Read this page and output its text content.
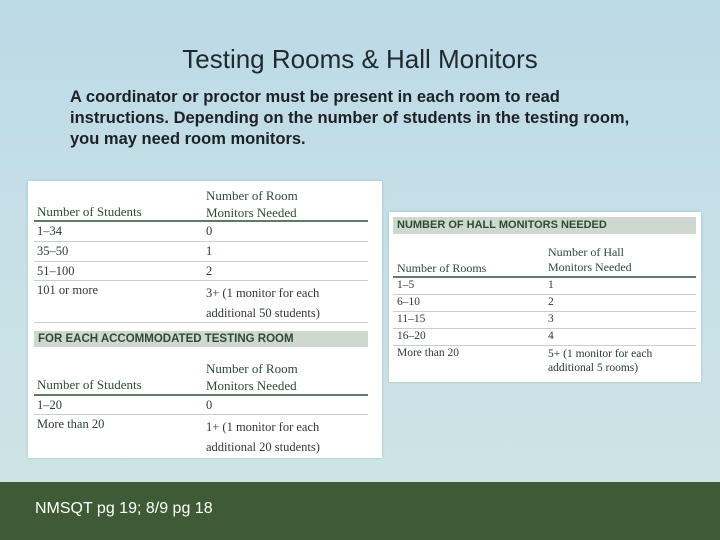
Testing Rooms & Hall Monitors
A coordinator or proctor must be present in each room to read instructions. Depending on the number of students in the testing room, you may need room monitors.
Number of Students
Number of Room Monitors Needed
1–34	0
35–50	1
51–100	2
101 or more	3+ (1 monitor for each additional 50 students)
FOR EACH ACCOMMODATED TESTING ROOM
Number of Students
Number of Room Monitors Needed
1–20	0
More than 20	1+ (1 monitor for each additional 20 students)
NUMBER OF HALL MONITORS NEEDED
Number of Rooms
Number of Hall Monitors Needed
1–5	1
6–10	2
11–15	3
16–20	4
More than 20	5+ (1 monitor for each additional 5 rooms)
NMSQT pg 19; 8/9 pg 18
